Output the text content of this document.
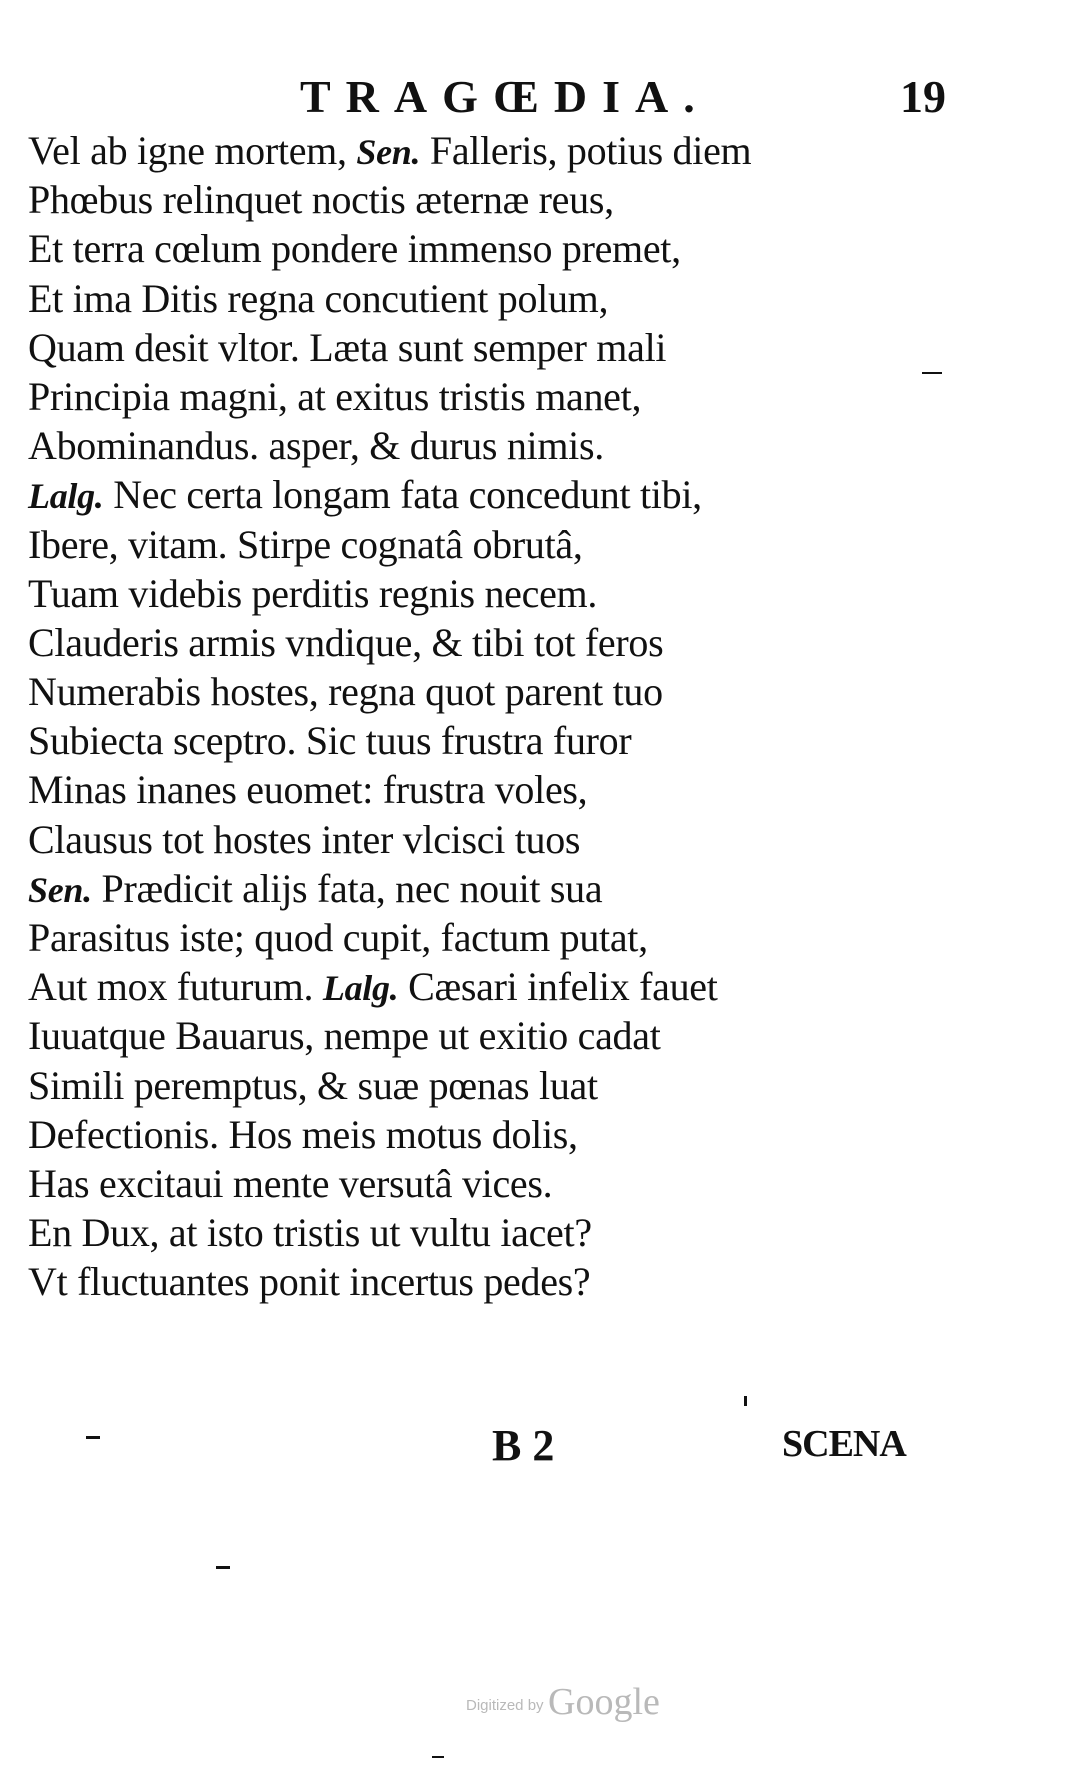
TRAGŒDIA.	19
Vel ab igne mortem, Sen. Falleris, potius diem
Phœbus relinquet noctis æternæ reus,
Et terra cœlum pondere immenso premet,
Et ima Ditis regna concutient polum,
Quam desit vltor. Læta sunt semper mali
Principia magni, at exitus tristis manet,
Abominandus. asper, & durus nimis.
Lalg. Nec certa longam fata concedunt tibi,
Ibere, vitam. Stirpe cognatâ obrutâ,
Tuam videbis perditis regnis necem.
Clauderis armis vndique, & tibi tot feros
Numerabis hostes, regna quot parent tuo
Subiecta sceptro. Sic tuus frustra furor
Minas inanes euomet: frustra voles,
Clausus tot hostes inter vlcisci tuos
Sen. Prædicit alijs fata, nec nouit sua
Parasitus iste; quod cupit, factum putat,
Aut mox futurum. Lalg. Cæsari infelix fauet
Iuuatque Bauarus, nempe ut exitio cadat
Simili peremptus, & suæ pœnas luat
Defectionis. Hos meis motus dolis,
Has excitaui mente versutâ vices.
En Dux, at isto tristis ut vultu iacet?
Vt fluctuantes ponit incertus pedes?
B 2	SCENA
Digitized by Google
